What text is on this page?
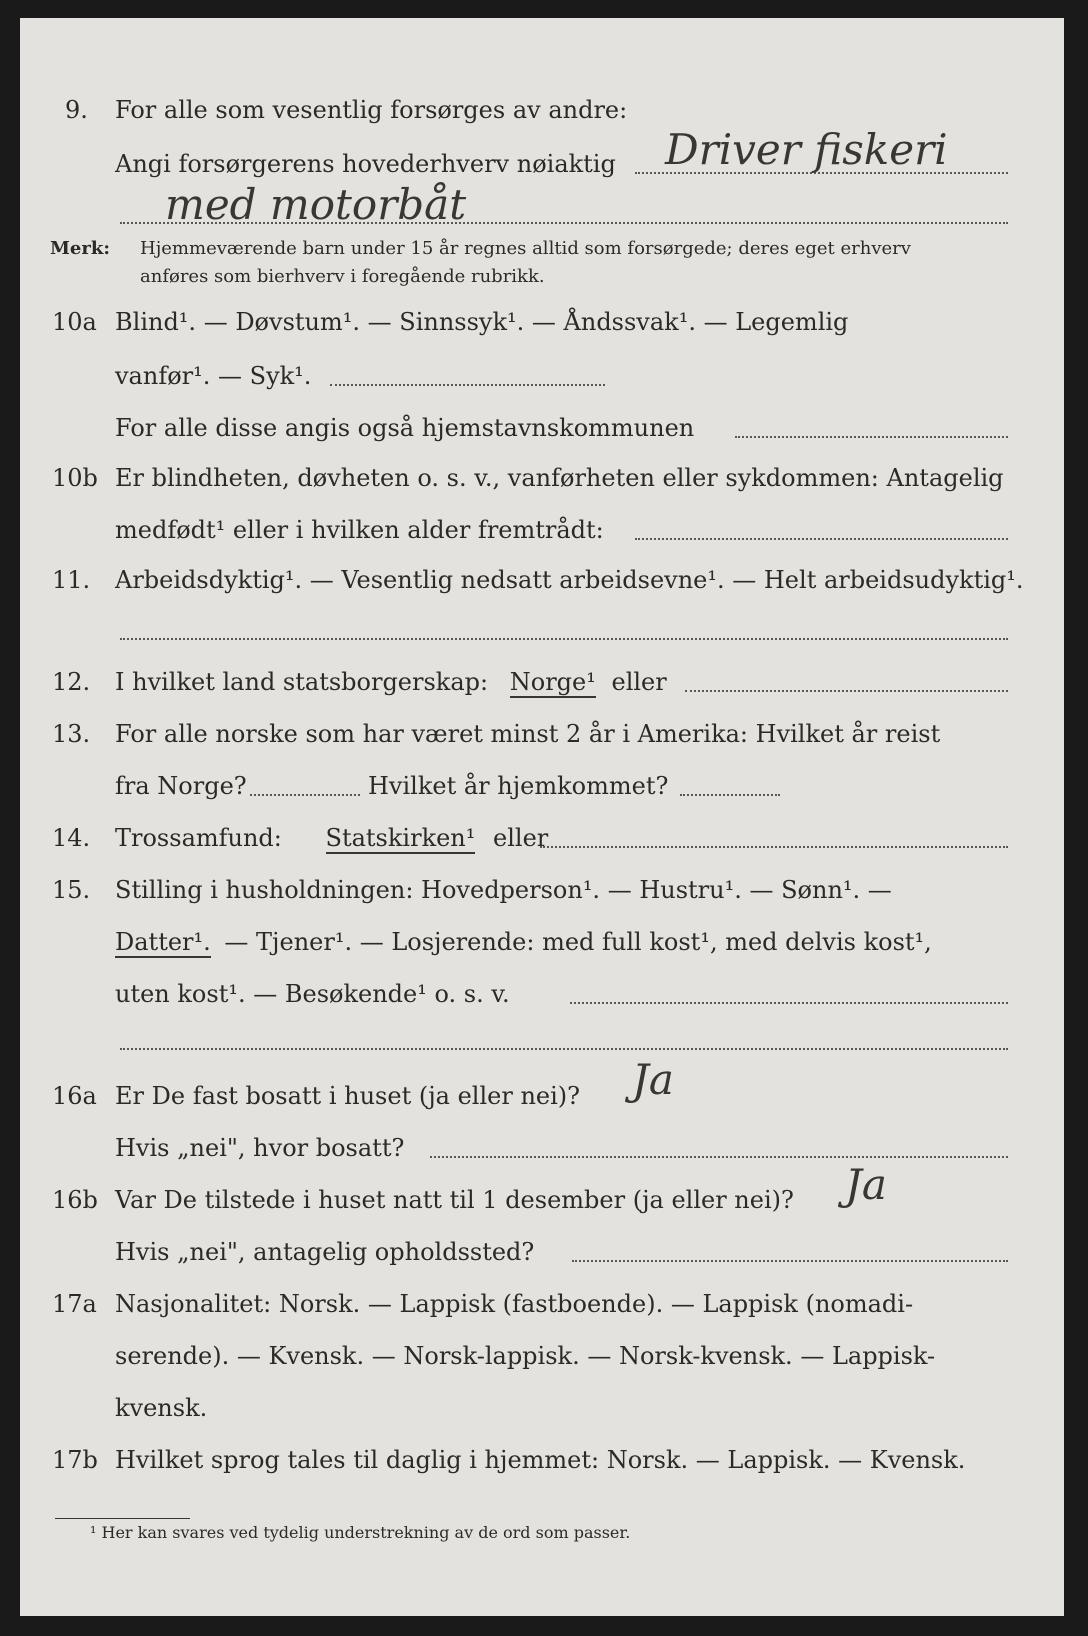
9. For alle som vesentlig forsørges av andre:
Angi forsørgerens hovederhverv nøiaktig Driver fiskeri
med motorbåt
Merk: Hjemmeværende barn under 15 år regnes alltid som forsørgede; deres eget erhverv
anføres som bierhverv i foregående rubrikk.
10a Blind¹. — Døvstum¹. — Sinnssyk¹. — Åndssvak¹. — Legemlig
vanfør¹. — Syk¹.
For alle disse angis også hjemstavnskommunen
10b Er blindheten, døvheten o. s. v., vanførheten eller sykdommen: Antagelig
medfødt¹ eller i hvilken alder fremtrådt:
11. Arbeidsdyktig¹. — Vesentlig nedsatt arbeidsevne¹. — Helt arbeidsudyktig¹.
12. I hvilket land statsborgerskap: Norge¹ eller
13. For alle norske som har været minst 2 år i Amerika: Hvilket år reist
fra Norge?	Hvilket år hjemkommet?
14. Trossamfund: Statskirken¹ eller
15. Stilling i husholdningen: Hovedperson¹. — Hustru¹. — Sønn¹. —
Datter¹. — Tjener¹. — Losjerende: med full kost¹, med delvis kost¹,
uten kost¹. — Besøkende¹ o. s. v.
16a Er De fast bosatt i huset (ja eller nei)? Ja
Hvis „nei", hvor bosatt?
16b Var De tilstede i huset natt til 1 desember (ja eller nei)? Ja
Hvis „nei", antagelig opholdssted?
17a Nasjonalitet: Norsk. — Lappisk (fastboende). — Lappisk (nomadi-
serende). — Kvensk. — Norsk-lappisk. — Norsk-kvensk. — Lappisk-
kvensk.
17b Hvilket sprog tales til daglig i hjemmet: Norsk. — Lappisk. — Kvensk.
¹ Her kan svares ved tydelig understrekning av de ord som passer.
